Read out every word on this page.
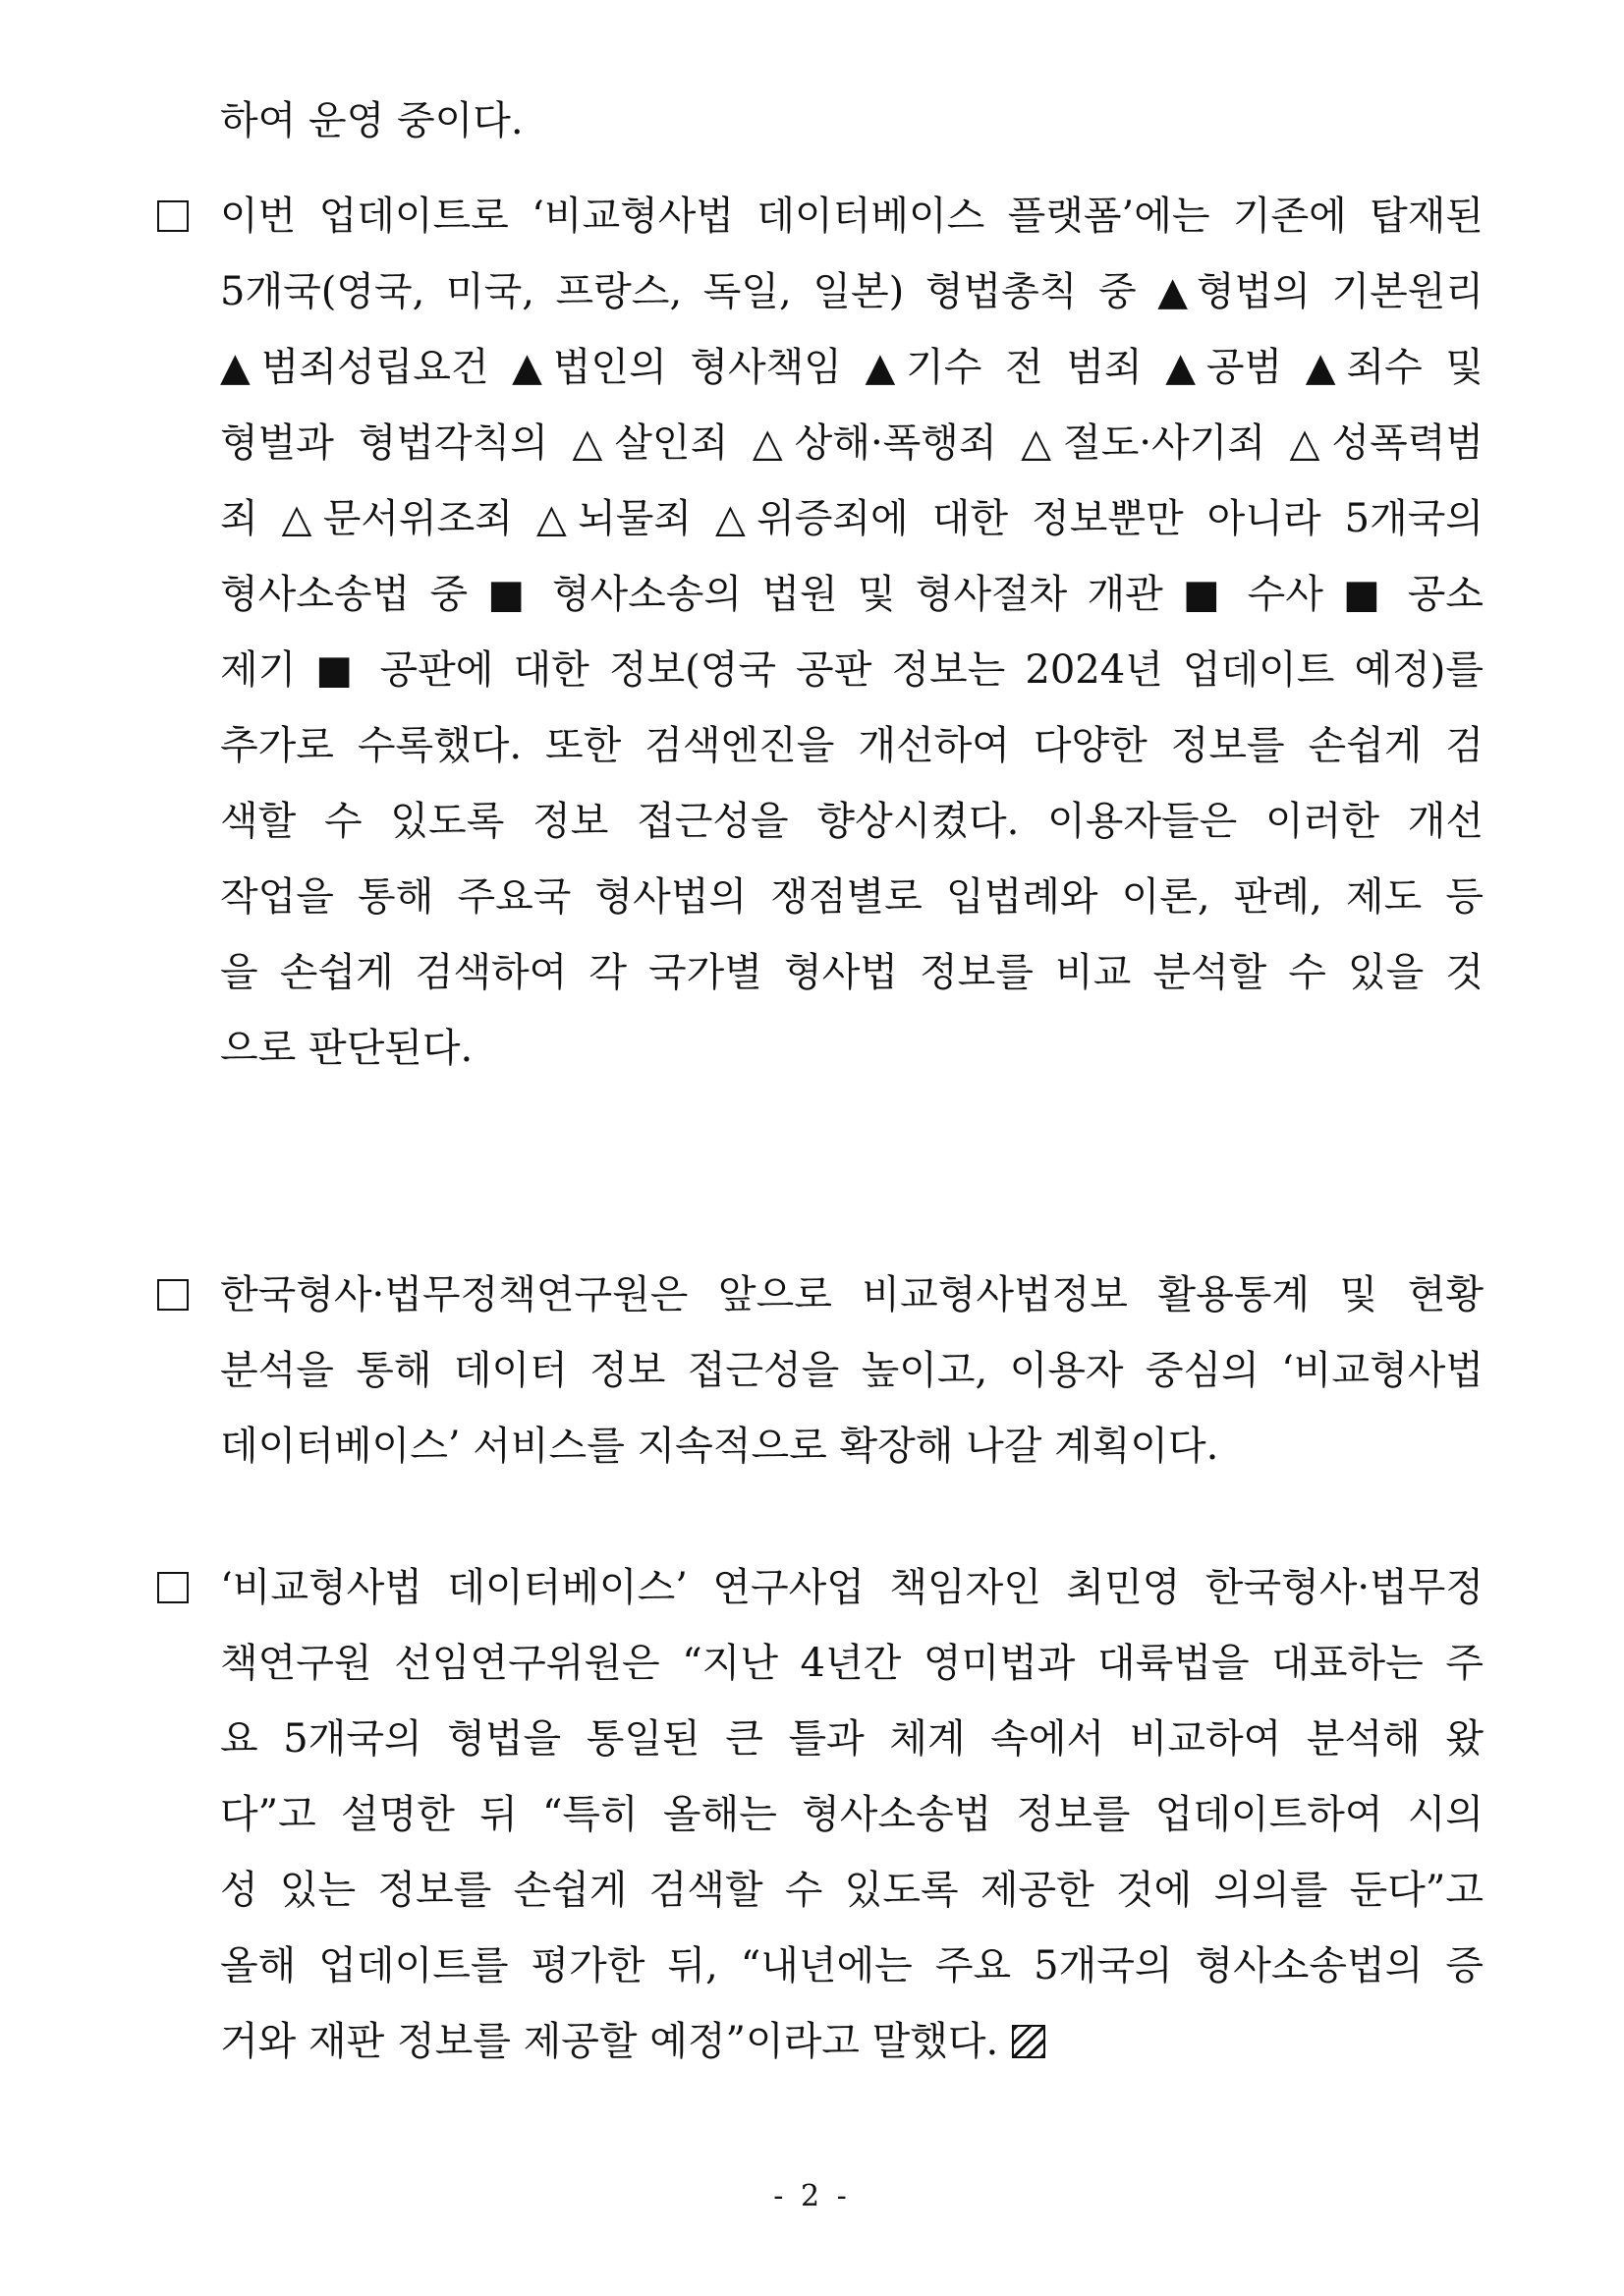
하여 운영 중이다.
이번 업데이트로 ‘비교형사법 데이터베이스 플랫폼’에는 기존에 탑재된
5개국(영국, 미국, 프랑스, 독일, 일본) 형법총칙 중 ▲형법의 기본원리
▲범죄성립요건 ▲법인의 형사책임 ▲기수 전 범죄 ▲공범 ▲죄수 및
형벌과 형법각칙의 △살인죄 △상해·폭행죄 △절도·사기죄 △성폭력범
죄 △문서위조죄 △뇌물죄 △위증죄에 대한 정보뿐만 아니라 5개국의
형사소송법 중 ■ 형사소송의 법원 및 형사절차 개관 ■ 수사 ■ 공소
제기 ■ 공판에 대한 정보(영국 공판 정보는 2024년 업데이트 예정)를
추가로 수록했다. 또한 검색엔진을 개선하여 다양한 정보를 손쉽게 검
색할 수 있도록 정보 접근성을 향상시켰다. 이용자들은 이러한 개선
작업을 통해 주요국 형사법의 쟁점별로 입법례와 이론, 판례, 제도 등
을 손쉽게 검색하여 각 국가별 형사법 정보를 비교 분석할 수 있을 것
으로 판단된다.
한국형사·법무정책연구원은 앞으로 비교형사법정보 활용통계 및 현황
분석을 통해 데이터 정보 접근성을 높이고, 이용자 중심의 ‘비교형사법
데이터베이스’ 서비스를 지속적으로 확장해 나갈 계획이다.
‘비교형사법 데이터베이스’ 연구사업 책임자인 최민영 한국형사·법무정
책연구원 선임연구위원은 “지난 4년간 영미법과 대륙법을 대표하는 주
요 5개국의 형법을 통일된 큰 틀과 체계 속에서 비교하여 분석해 왔
다”고 설명한 뒤 “특히 올해는 형사소송법 정보를 업데이트하여 시의
성 있는 정보를 손쉽게 검색할 수 있도록 제공한 것에 의의를 둔다”고
올해 업데이트를 평가한 뒤, “내년에는 주요 5개국의 형사소송법의 증
거와 재판 정보를 제공할 예정”이라고 말했다.
- 2 -
